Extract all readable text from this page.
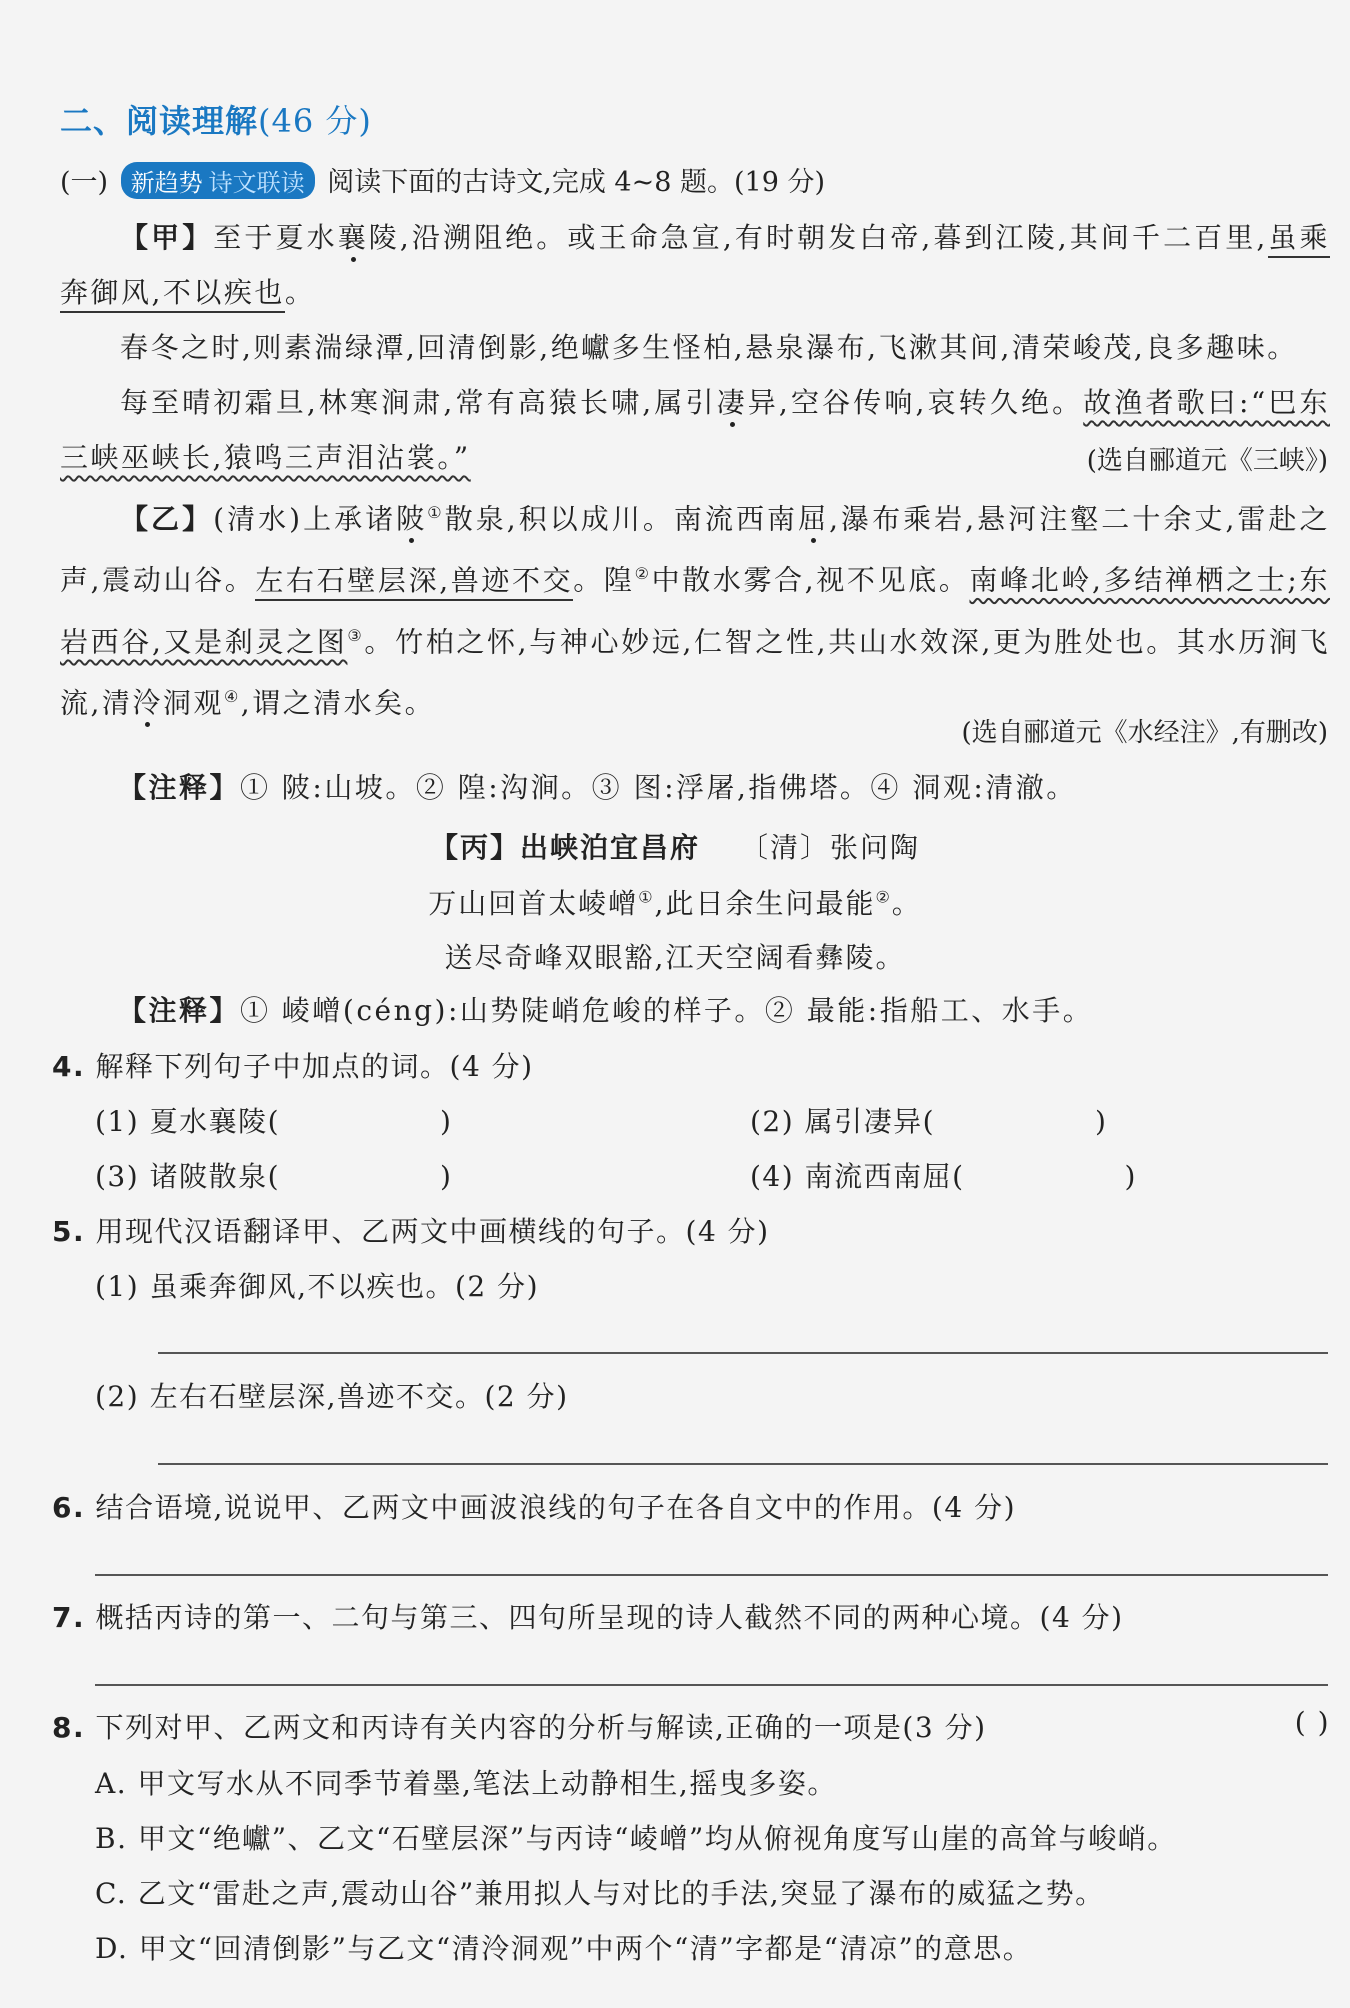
二、阅读理解(46 分)
(一) 新趋势 诗文联读 阅读下面的古诗文,完成 4~8 题。(19 分)
【甲】至于夏水襄陵,沿溯阻绝。或王命急宣,有时朝发白帝,暮到江陵,其间千二百里,虽乘奔御风,不以疾也。
春冬之时,则素湍绿潭,回清倒影,绝巘多生怪柏,悬泉瀑布,飞漱其间,清荣峻茂,良多趣味。
每至晴初霜旦,林寒涧肃,常有高猿长啸,属引凄异,空谷传响,哀转久绝。故渔者歌曰:“巴东三峡巫峡长,猿鸣三声泪沾裳。”	(选自郦道元《三峡》)
【乙】(清水)上承诸陂①散泉,积以成川。南流西南屈,瀑布乘岩,悬河注壑二十余丈,雷赴之声,震动山谷。左右石壁层深,兽迹不交。隍②中散水雾合,视不见底。南峰北岭,多结禅栖之士;东岩西谷,又是刹灵之图③。竹柏之怀,与神心妙远,仁智之性,共山水效深,更为胜处也。其水历涧飞流,清泠洞观④,谓之清水矣。
(选自郦道元《水经注》,有删改)
【注释】① 陂:山坡。② 隍:沟涧。③ 图:浮屠,指佛塔。④ 洞观:清澈。
【丙】出峡泊宜昌府 〔清〕张问陶
万山回首太崚嶒①,此日余生问最能②。
送尽奇峰双眼豁,江天空阔看彝陵。
【注释】① 崚嶒(céng):山势陡峭危峻的样子。② 最能:指船工、水手。
4. 解释下列句子中加点的词。(4 分)
(1) 夏水襄陵(	)	(2) 属引凄异(	)
(3) 诸陂散泉(	)	(4) 南流西南屈(	)
5. 用现代汉语翻译甲、乙两文中画横线的句子。(4 分)
(1) 虽乘奔御风,不以疾也。(2 分)
(2) 左右石壁层深,兽迹不交。(2 分)
6. 结合语境,说说甲、乙两文中画波浪线的句子在各自文中的作用。(4 分)
7. 概括丙诗的第一、二句与第三、四句所呈现的诗人截然不同的两种心境。(4 分)
8. 下列对甲、乙两文和丙诗有关内容的分析与解读,正确的一项是(3 分)	( )
A. 甲文写水从不同季节着墨,笔法上动静相生,摇曳多姿。
B. 甲文“绝巘”、乙文“石壁层深”与丙诗“崚嶒”均从俯视角度写山崖的高耸与峻峭。
C. 乙文“雷赴之声,震动山谷”兼用拟人与对比的手法,突显了瀑布的威猛之势。
D. 甲文“回清倒影”与乙文“清泠洞观”中两个“清”字都是“清凉”的意思。
